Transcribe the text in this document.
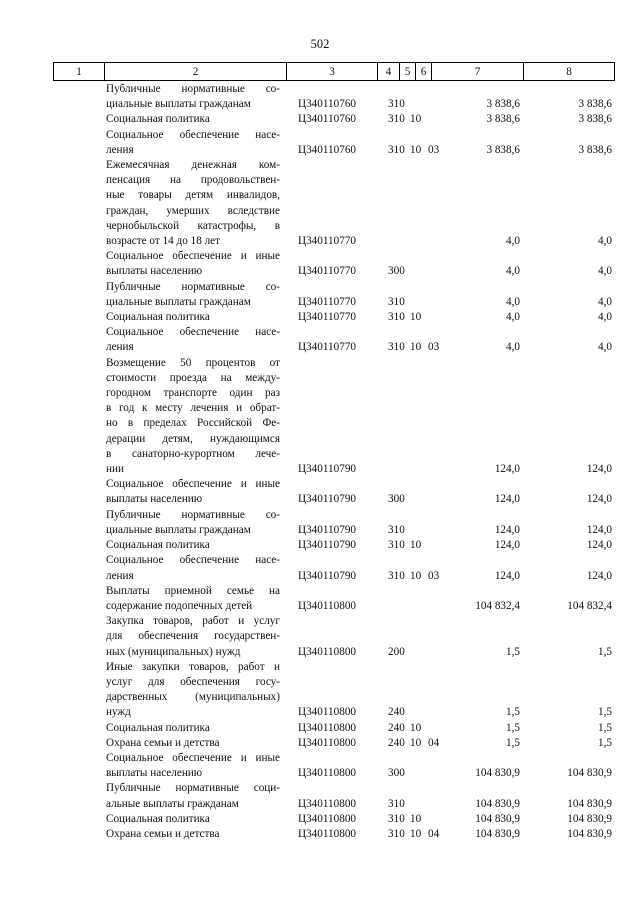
502
1	2	3	4	5	6	7	8
Публичные нормативные со-
циальные выплаты гражданам	Ц340110760	310	3 838,6	3 838,6
Социальная политика	Ц340110760	310 10	3 838,6	3 838,6
Социальное обеспечение насе-
ления	Ц340110760	310 10 03	3 838,6	3 838,6
Ежемесячная денежная ком-
пенсация на продовольствен-
ные товары детям инвалидов,
граждан, умерших вследствие
чернобыльской катастрофы, в
возрасте от 14 до 18 лет	Ц340110770	4,0	4,0
Социальное обеспечение и иные
выплаты населению	Ц340110770	300	4,0	4,0
Публичные нормативные со-
циальные выплаты гражданам	Ц340110770	310	4,0	4,0
Социальная политика	Ц340110770	310 10	4,0	4,0
Социальное обеспечение насе-
ления	Ц340110770	310 10 03	4,0	4,0
Возмещение 50 процентов от
стоимости проезда на между-
городном транспорте один раз
в год к месту лечения и обрат-
но в пределах Российской Фе-
дерации детям, нуждающимся
в санаторно-курортном лече-
нии	Ц340110790	124,0	124,0
Социальное обеспечение и иные
выплаты населению	Ц340110790	300	124,0	124,0
Публичные нормативные со-
циальные выплаты гражданам	Ц340110790	310	124,0	124,0
Социальная политика	Ц340110790	310 10	124,0	124,0
Социальное обеспечение насе-
ления	Ц340110790	310 10 03	124,0	124,0
Выплаты приемной семье на
содержание подопечных детей	Ц340110800	104 832,4	104 832,4
Закупка товаров, работ и услуг
для обеспечения государствен-
ных (муниципальных) нужд	Ц340110800	200	1,5	1,5
Иные закупки товаров, работ и
услуг для обеспечения госу-
дарственных (муниципальных)
нужд	Ц340110800	240	1,5	1,5
Социальная политика	Ц340110800	240 10	1,5	1,5
Охрана семьи и детства	Ц340110800	240 10 04	1,5	1,5
Социальное обеспечение и иные
выплаты населению	Ц340110800	300	104 830,9	104 830,9
Публичные нормативные соци-
альные выплаты гражданам	Ц340110800	310	104 830,9	104 830,9
Социальная политика	Ц340110800	310 10	104 830,9	104 830,9
Охрана семьи и детства	Ц340110800	310 10 04	104 830,9	104 830,9
